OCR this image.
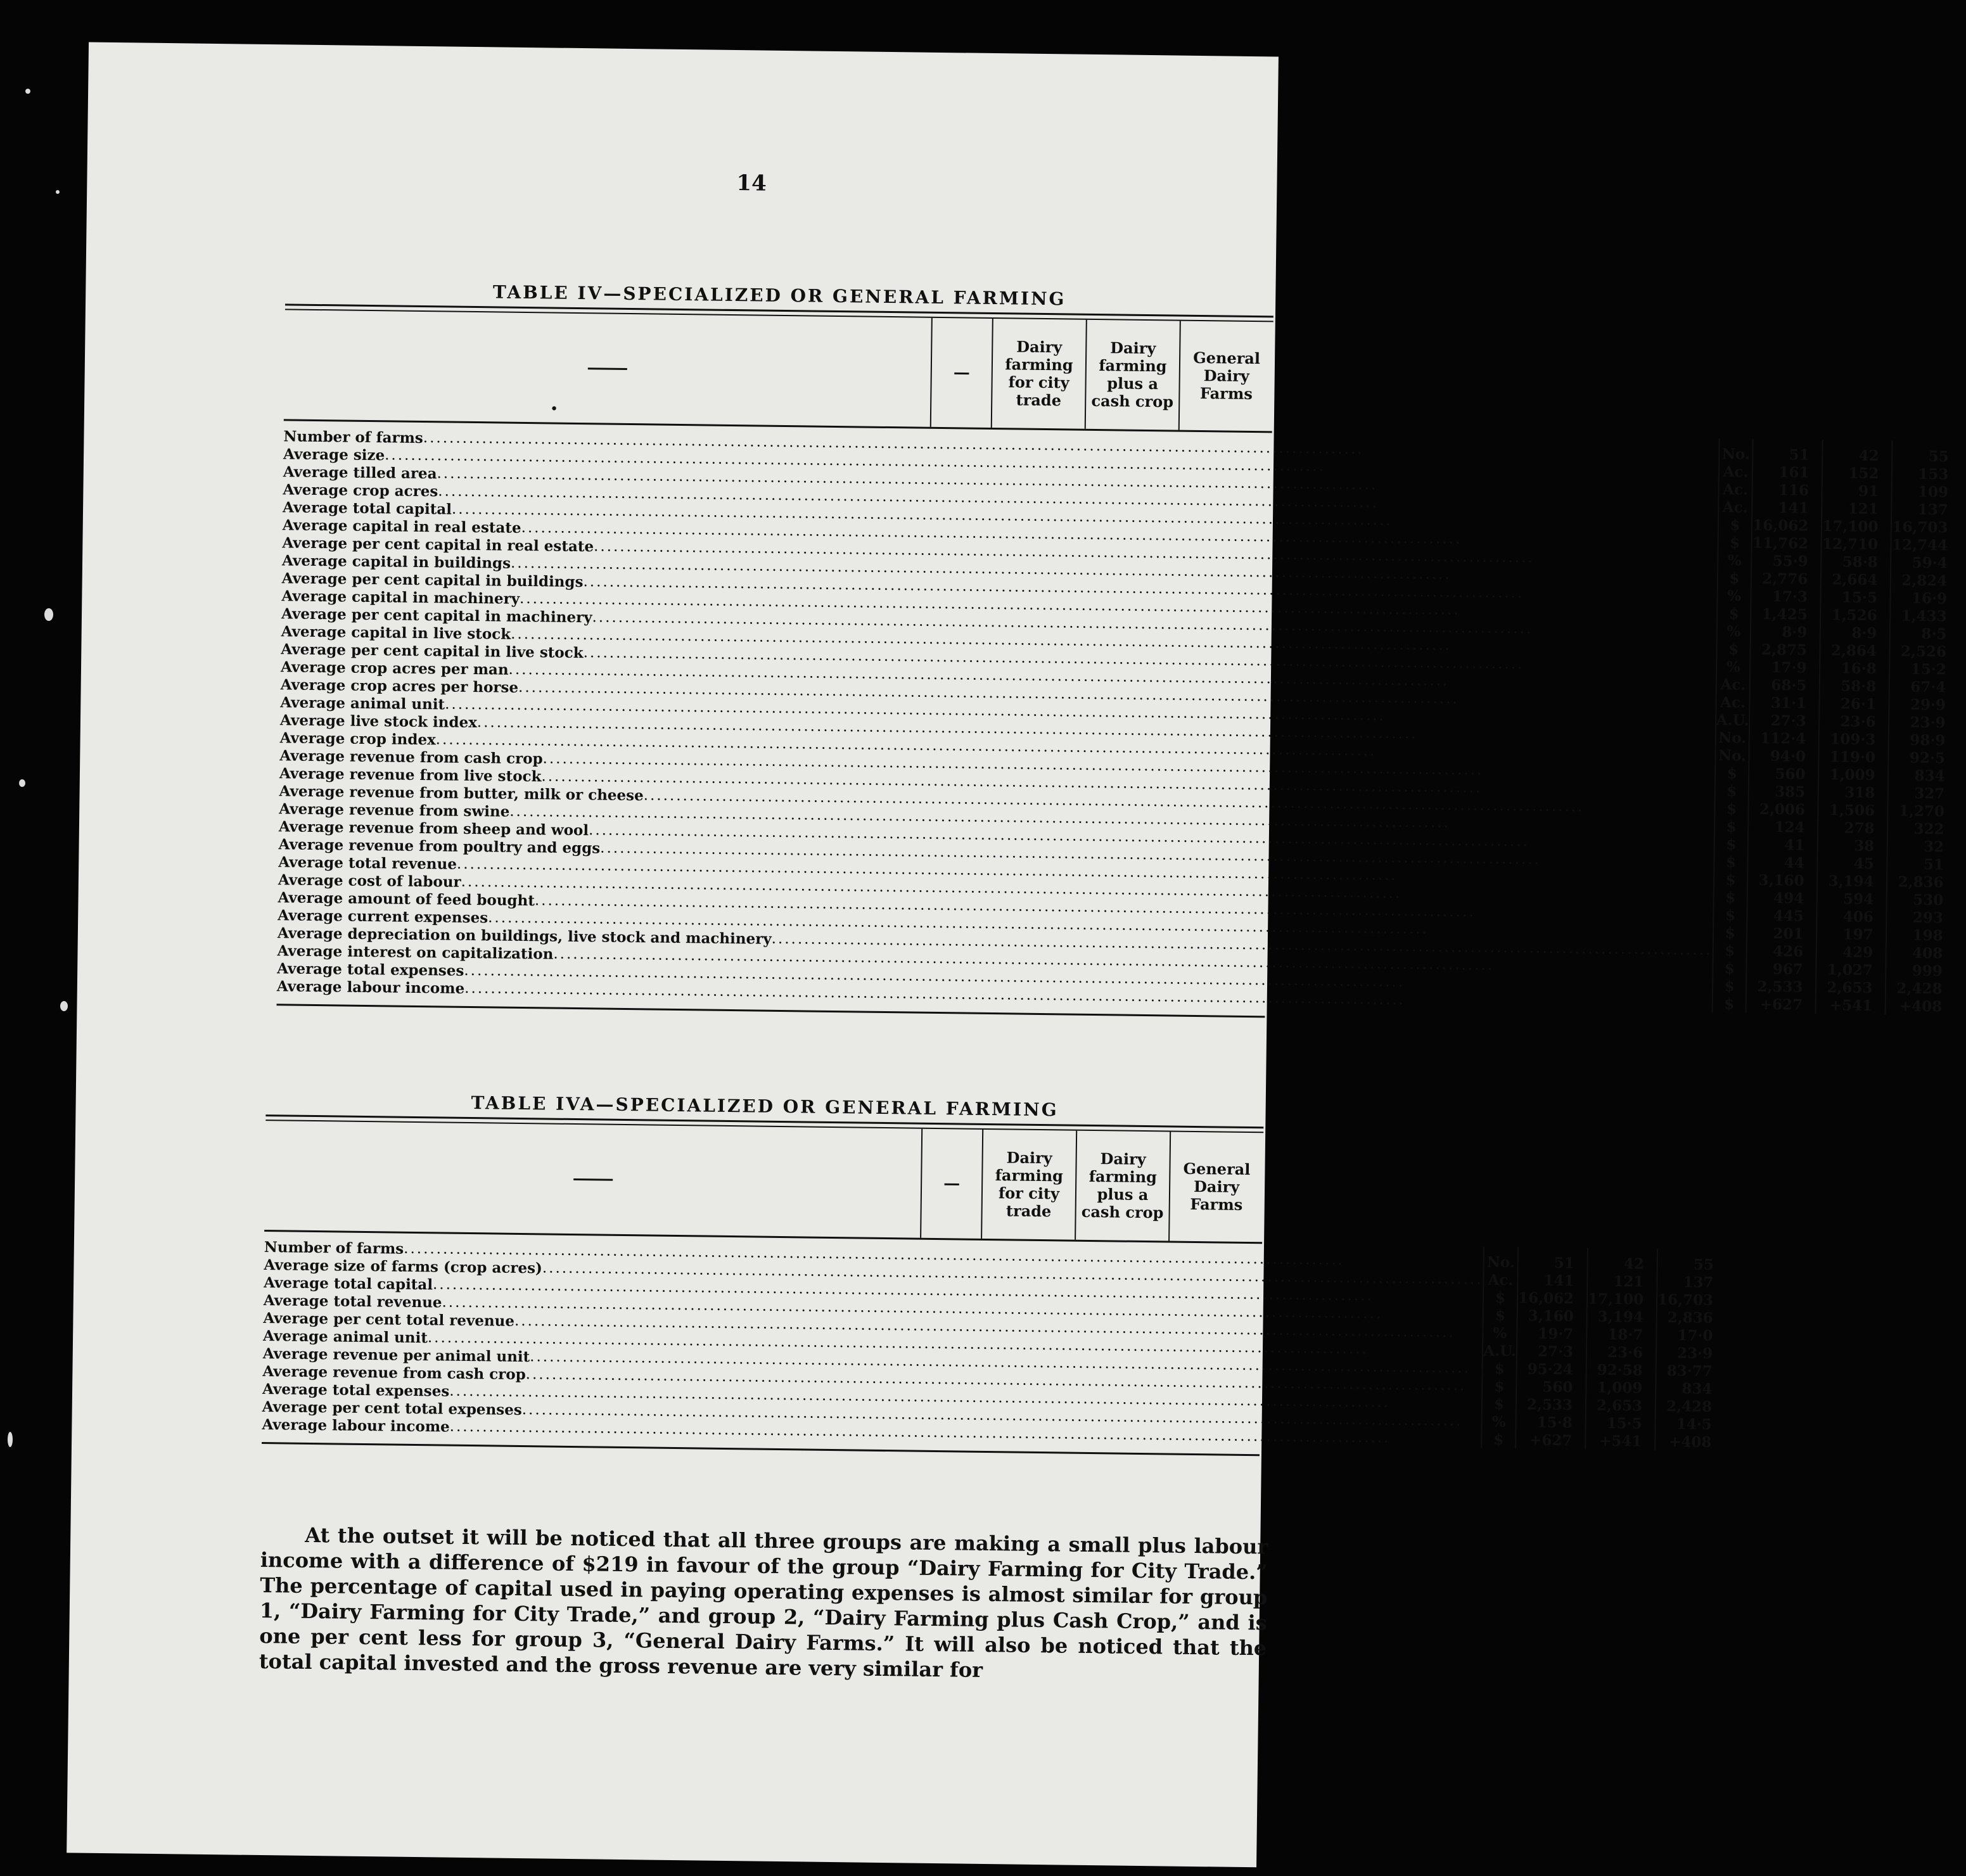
14
TABLE IV—SPECIALIZED OR GENERAL FARMING
•
—
Dairy farming for city trade
Dairy farming plus a cash crop
General Dairy Farms
Number of farms
.....
Average size
.....
Average tilled area
.....
Average crop acres
.....
Average total capital
.....
Average capital in real estate
.....
Average per cent capital in real estate
.....
Average capital in buildings
.....
Average per cent capital in buildings
.....
Average capital in machinery
.....
Average per cent capital in machinery
.....
Average capital in live stock
.....
Average per cent capital in live stock
.....
Average crop acres per man
.....
Average crop acres per horse
.....
Average animal unit
.....
Average live stock index
.....
Average crop index
.....
Average revenue from cash crop
.....
Average revenue from live stock
.....
Average revenue from butter, milk or cheese
.....
Average revenue from swine
.....
Average revenue from sheep and wool
.....
Average revenue from poultry and eggs
.....
Average total revenue
.....
Average cost of labour
.....
Average amount of feed bought
.....
Average current expenses
.....
Average depreciation on buildings, live stock and machinery
.....
Average interest on capitalization
.....
Average total expenses
.....
Average labour income
.....
No.
Ac.
Ac.
Ac.
$
$
%
$
%
$
%
$
%
Ac.
Ac.
A.U.
No.
No.
$
$
$
$
$
$
$
$
$
$
$
$
$
$
51
161
116
141
16,062
11,762
55·9
2,776
17·3
1,425
8·9
2,875
17·9
68·5
31·1
27·3
112·4
94·0
560
385
2,006
124
41
44
3,160
494
445
201
426
967
2,533
+627
42
152
91
121
17,100
12,710
58·8
2,664
15·5
1,526
8·9
2,864
16·8
58·8
26·1
23·6
109·3
119·0
1,009
318
1,506
278
38
45
3,194
594
406
197
429
1,027
2,653
+541
55
153
109
137
16,703
12,744
59·4
2,824
16·9
1,433
8·5
2,526
15·2
67·4
29·9
23·9
98·9
92·5
834
327
1,270
322
32
51
2,836
530
293
198
408
999
2,428
+408
TABLE IVA—SPECIALIZED OR GENERAL FARMING
—
Dairy farming for city trade
Dairy farming plus a cash crop
General Dairy Farms
Number of farms
.....
Average size of farms (crop acres)
.....
Average total capital
.....
Average total revenue
.....
Average per cent total revenue
.....
Average animal unit
.....
Average revenue per animal unit
.....
Average revenue from cash crop
.....
Average total expenses
.....
Average per cent total expenses
.....
Average labour income
.....
No.
Ac.
$
$
%
A.U.
$
$
$
%
$
51
141
16,062
3,160
19·7
27·3
95·24
560
2,533
15·8
+627
42
121
17,100
3,194
18·7
23·6
92·58
1,009
2,653
15·5
+541
55
137
16,703
2,836
17·0
23·9
83·77
834
2,428
14·5
+408

At the outset it will be noticed that all three groups are making a small plus labour income with a difference of $219 in favour of the group “Dairy Farming for City Trade.” The percentage of capital used in paying operating expenses is almost similar for group 1, “Dairy Farming for City Trade,” and group 2, “Dairy Farming plus Cash Crop,” and is one per cent less for group 3, “General Dairy Farms.” It will also be noticed that the total capital invested and the gross revenue are very similar for
